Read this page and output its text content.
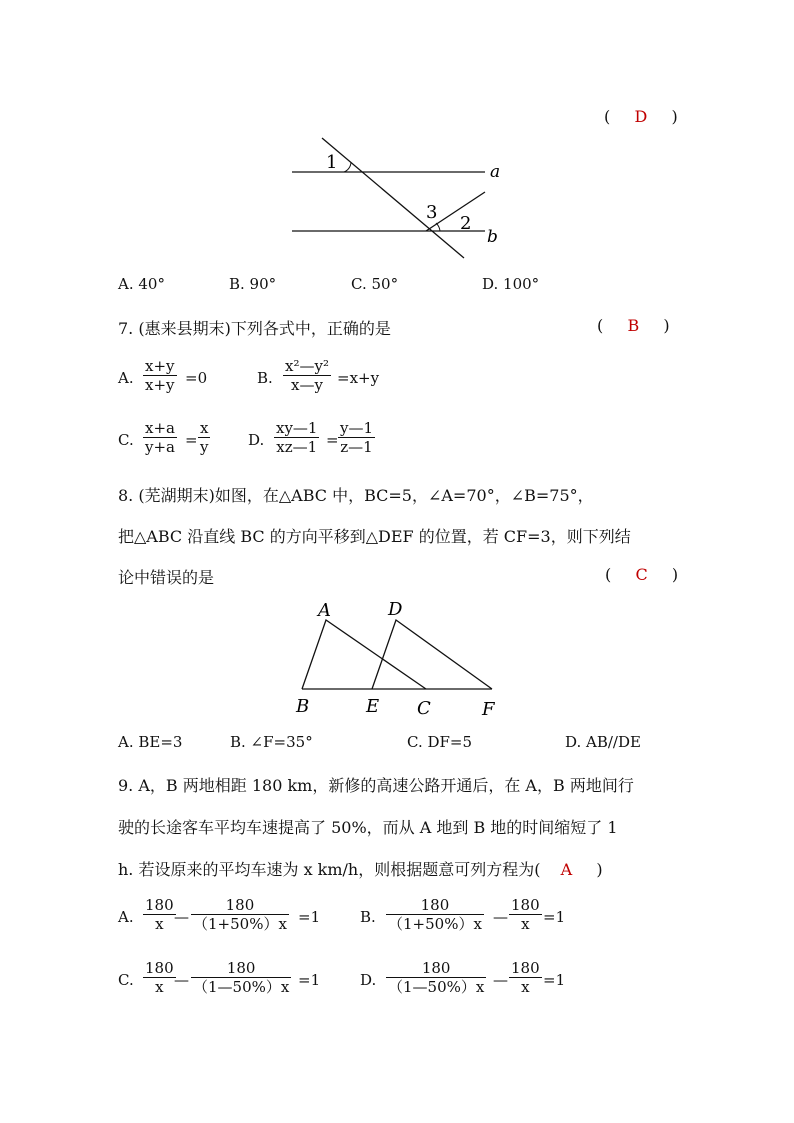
( D )
1
3
2
a
b
A. 40°	B. 90°	C. 50°	D. 100°
7. (惠来县期末)下列各式中，正确的是	( B )
A. $\frac{x+y}{x+y} =0$	B. $\frac{\text{x²—y²}}{x—y} =x+y$
C. $\frac{x+a}{y+a} = \frac{x}{y}$	D. $\frac{xy—1}{xz—1} = \frac{y—1}{z—1}$
8. (芜湖期末)如图，在△ABC 中，BC=5，∠A=70°，∠B=75°，
把△ABC 沿直线 BC 的方向平移到△DEF 的位置，若 CF=3，则下列结
论中错误的是	( C )
A	D
B	E C	F
A. BE=3	B. ∠F=35°	C. DF=5	D. AB//DE
9. A，B 两地相距 180 km，新修的高速公路开通后，在 A，B 两地间行
驶的长途客车平均车速提高了 50%，而从 A 地到 B 地的时间缩短了 1
h. 若设原来的平均车速为 x km/h，则根据题意可列方程为( A )
A. $\frac{180}{x}$
— $\frac{180}{(1+50\%)x} =1$	B. $\frac{180}{(1+50\%)x}$ — $\frac{180}{x} =1$
C. $\frac{180}{x}$
— $\frac{180}{(1—50\%)x} =1$	D. $\frac{180}{(1—50\%)x}$ — $\frac{180}{x} =1$
